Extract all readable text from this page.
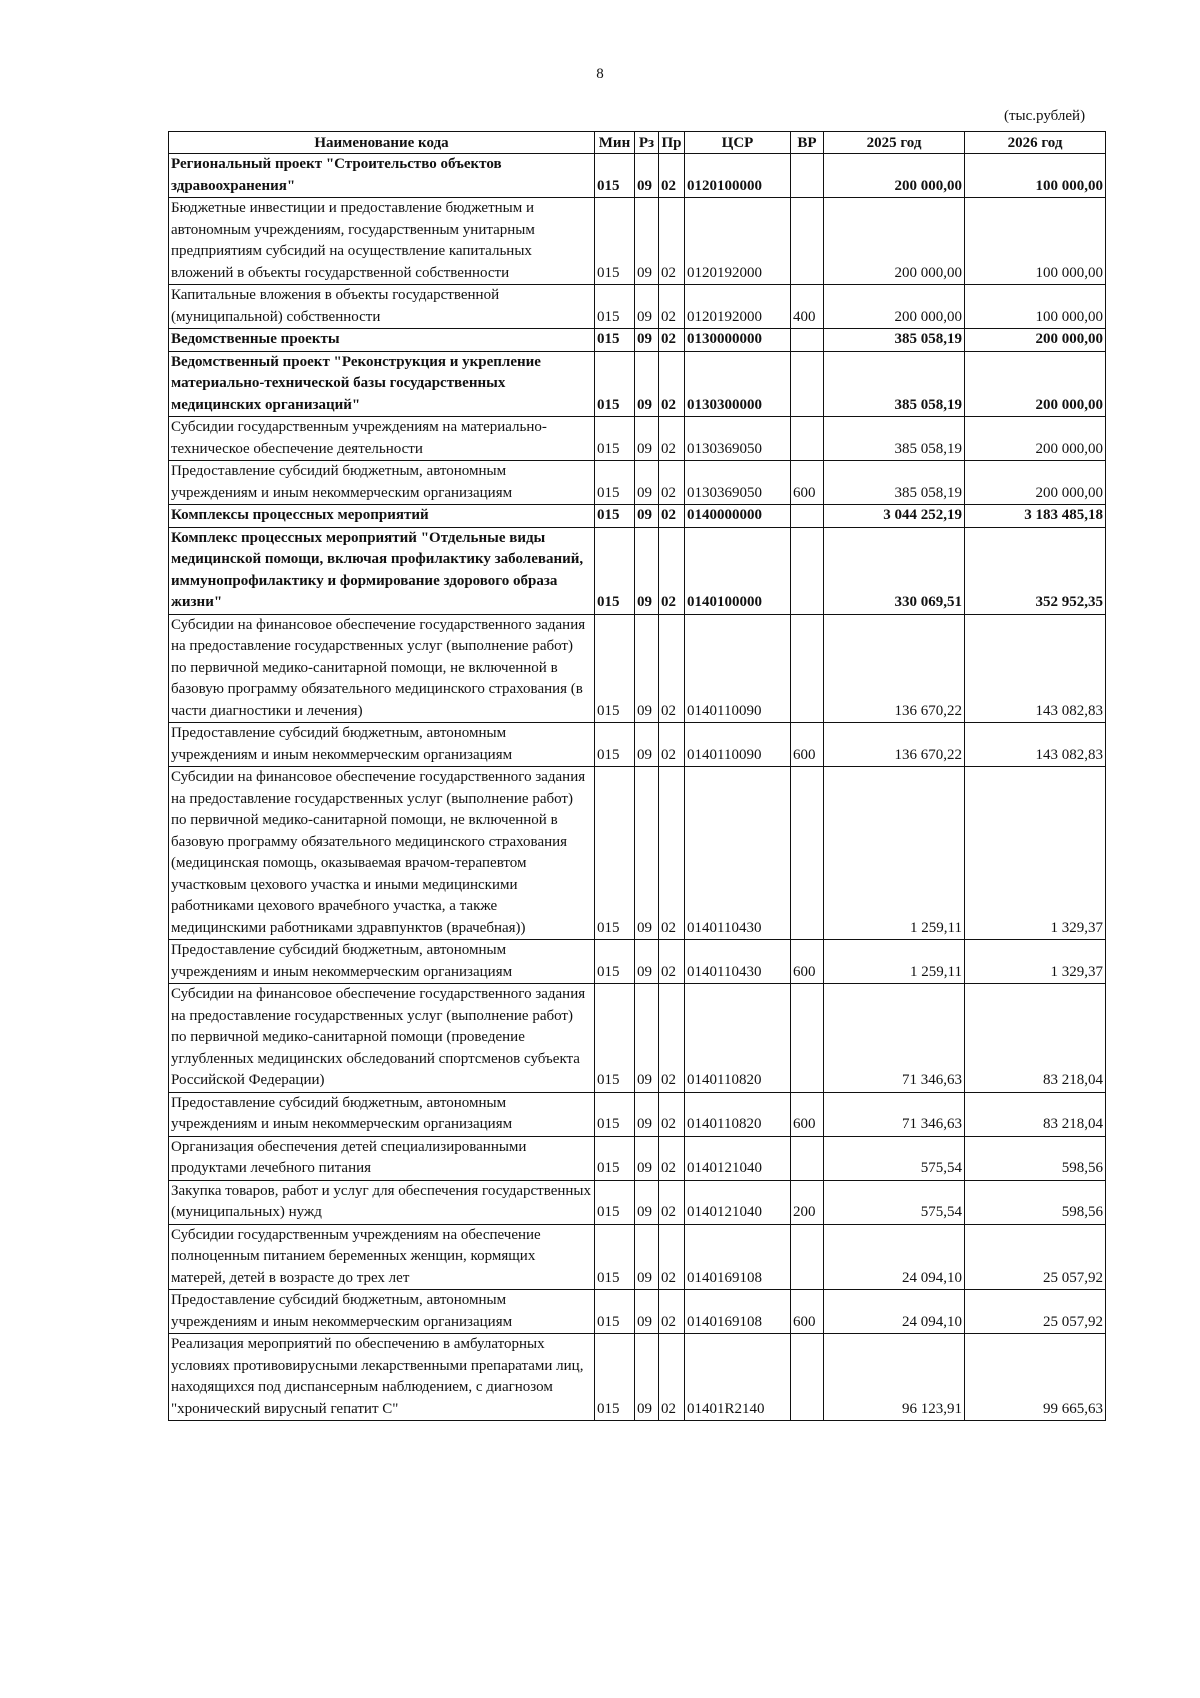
8
(тыс.рублей)
Наименование кода	Мин	Рз	Пр	ЦСР	ВР	2025 год	2026 год
Региональный проект "Строительство объектов здравоохранения"	015	09	02	0120100000		200 000,00	100 000,00
Бюджетные инвестиции и предоставление бюджетным и автономным учреждениям, государственным унитарным предприятиям субсидий на осуществление капитальных вложений в объекты государственной собственности	015	09	02	0120192000		200 000,00	100 000,00
Капитальные вложения в объекты государственной (муниципальной) собственности	015	09	02	0120192000	400	200 000,00	100 000,00
Ведомственные проекты	015	09	02	0130000000		385 058,19	200 000,00
Ведомственный проект "Реконструкция и укрепление материально-технической базы государственных медицинских организаций"	015	09	02	0130300000		385 058,19	200 000,00
Субсидии государственным учреждениям на материально-техническое обеспечение деятельности	015	09	02	0130369050		385 058,19	200 000,00
Предоставление субсидий бюджетным, автономным учреждениям и иным некоммерческим организациям	015	09	02	0130369050	600	385 058,19	200 000,00
Комплексы процессных мероприятий	015	09	02	0140000000		3 044 252,19	3 183 485,18
Комплекс процессных мероприятий "Отдельные виды медицинской помощи, включая профилактику заболеваний, иммунопрофилактику и формирование здорового образа жизни"	015	09	02	0140100000		330 069,51	352 952,35
Субсидии на финансовое обеспечение государственного задания на предоставление государственных услуг (выполнение работ) по первичной медико-санитарной помощи, не включенной в базовую программу обязательного медицинского страхования (в части диагностики и лечения)	015	09	02	0140110090		136 670,22	143 082,83
Предоставление субсидий бюджетным, автономным учреждениям и иным некоммерческим организациям	015	09	02	0140110090	600	136 670,22	143 082,83
Субсидии на финансовое обеспечение государственного задания на предоставление государственных услуг (выполнение работ) по первичной медико-санитарной помощи, не включенной в базовую программу обязательного медицинского страхования (медицинская помощь, оказываемая врачом-терапевтом участковым цехового участка и иными медицинскими работниками цехового врачебного участка, а также медицинскими работниками здравпунктов (врачебная))	015	09	02	0140110430		1 259,11	1 329,37
Предоставление субсидий бюджетным, автономным учреждениям и иным некоммерческим организациям	015	09	02	0140110430	600	1 259,11	1 329,37
Субсидии на финансовое обеспечение государственного задания на предоставление государственных услуг (выполнение работ) по первичной медико-санитарной помощи (проведение углубленных медицинских обследований спортсменов субъекта Российской Федерации)	015	09	02	0140110820		71 346,63	83 218,04
Предоставление субсидий бюджетным, автономным учреждениям и иным некоммерческим организациям	015	09	02	0140110820	600	71 346,63	83 218,04
Организация обеспечения детей специализированными продуктами лечебного питания	015	09	02	0140121040		575,54	598,56
Закупка товаров, работ и услуг для обеспечения государственных (муниципальных) нужд	015	09	02	0140121040	200	575,54	598,56
Субсидии государственным учреждениям на обеспечение полноценным питанием беременных женщин, кормящих матерей, детей в возрасте до трех лет	015	09	02	0140169108		24 094,10	25 057,92
Предоставление субсидий бюджетным, автономным учреждениям и иным некоммерческим организациям	015	09	02	0140169108	600	24 094,10	25 057,92
Реализация мероприятий по обеспечению в амбулаторных условиях противовирусными лекарственными препаратами лиц, находящихся под диспансерным наблюдением, с диагнозом "хронический вирусный гепатит С"	015	09	02	01401R2140		96 123,91	99 665,63
